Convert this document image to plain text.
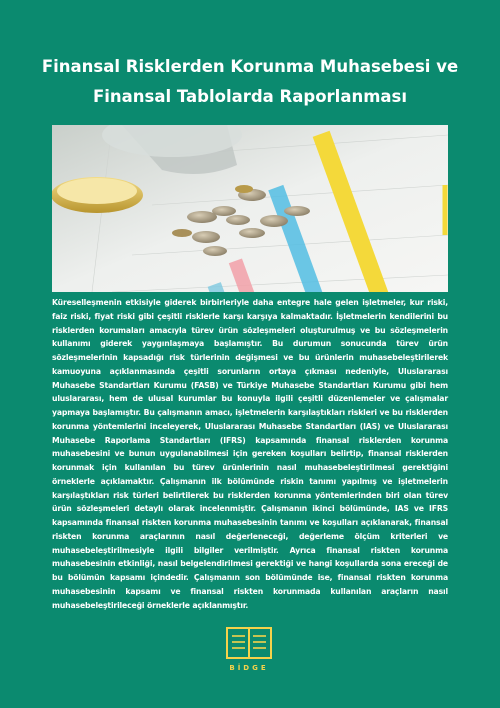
Finansal Risklerden Korunma Muhasebesi ve Finansal Tablolarda Raporlanması
Küreselleşmenin etkisiyle giderek birbirleriyle daha entegre hale gelen işletmeler, kur riski, faiz riski, fiyat riski gibi çeşitli risklerle karşı karşıya kalmaktadır. İşletmelerin kendilerini bu risklerden korumaları amacıyla türev ürün sözleşmeleri oluşturulmuş ve bu sözleşmelerin kullanımı giderek yaygınlaşmaya başlamıştır. Bu durumun sonucunda türev ürün sözleşmelerinin kapsadığı risk türlerinin değişmesi ve bu ürünlerin muhasebeleştirilerek kamuoyuna açıklanmasında çeşitli sorunların ortaya çıkması nedeniyle, Uluslararası Muhasebe Standartları Kurumu (FASB) ve Türkiye Muhasebe Standartları Kurumu gibi hem uluslararası, hem de ulusal kurumlar bu konuyla ilgili çeşitli düzenlemeler ve çalışmalar yapmaya başlamıştır. Bu çalışmanın amacı, işletmelerin karşılaştıkları riskleri ve bu risklerden korunma yöntemlerini inceleyerek, Uluslararası Muhasebe Standartları (IAS) ve Uluslararası Muhasebe Raporlama Standartları (IFRS) kapsamında finansal risklerden korunma muhasebesini ve bunun uygulanabilmesi için gereken koşulları belirtip, finansal risklerden korunmak için kullanılan bu türev ürünlerinin nasıl muhasebeleştirilmesi gerektiğini örneklerle açıklamaktır. Çalışmanın ilk bölümünde riskin tanımı yapılmış ve işletmelerin karşılaştıkları risk türleri belirtilerek bu risklerden korunma yöntemlerinden biri olan türev ürün sözleşmeleri detaylı olarak incelenmiştir. Çalışmanın ikinci bölümünde, IAS ve IFRS kapsamında finansal riskten korunma muhasebesinin tanımı ve koşulları açıklanarak, finansal riskten korunma araçlarının nasıl değerleneceği, değerleme ölçüm kriterleri ve muhasebeleştirilmesiyle ilgili bilgiler verilmiştir. Ayrıca finansal riskten korunma muhasebesinin etkinliği, nasıl belgelendirilmesi gerektiği ve hangi koşullarda sona ereceği de bu bölümün kapsamı içindedir. Çalışmanın son bölümünde ise, finansal riskten korunma muhasebesinin kapsamı ve finansal riskten korunmada kullanılan araçların nasıl muhasebeleştirileceği örneklerle açıklanmıştır.
BİDGE
